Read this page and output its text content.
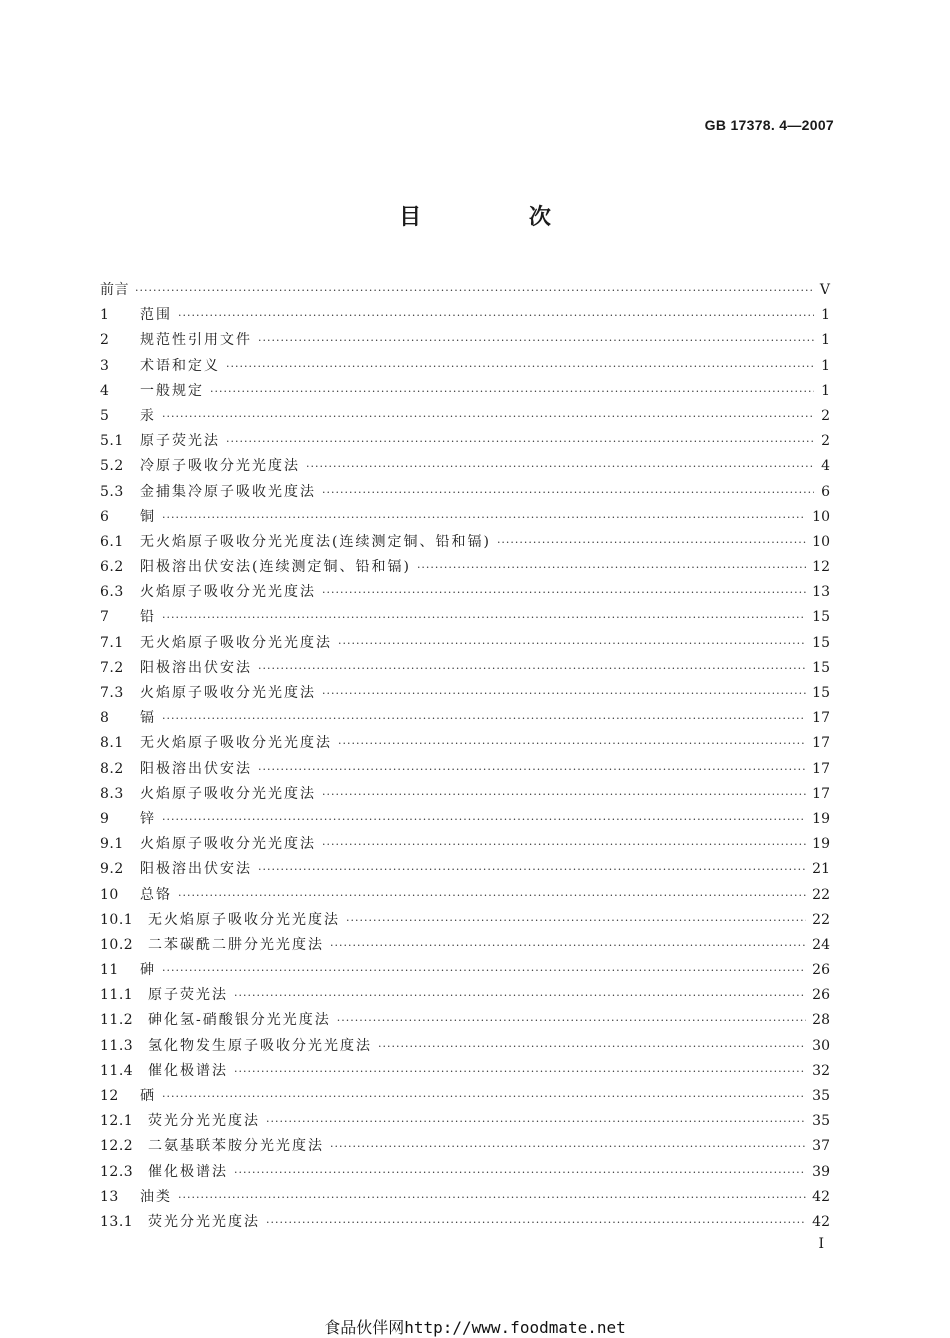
GB 17378. 4—2007
目 次
前言 ·····	V
1	范围 ·····	1
2	规范性引用文件 ·····	1
3	术语和定义 ·····	1
4	一般规定 ·····	1
5	汞 ·····	2
5.1	原子荧光法 ·····	2
5.2	冷原子吸收分光光度法 ·····	4
5.3	金捕集冷原子吸收光度法 ·····	6
6	铜 ·····	10
6.1	无火焰原子吸收分光光度法(连续测定铜、铅和镉) ·····	10
6.2	阳极溶出伏安法(连续测定铜、铅和镉) ·····	12
6.3	火焰原子吸收分光光度法 ·····	13
7	铅 ·····	15
7.1	无火焰原子吸收分光光度法 ·····	15
7.2	阳极溶出伏安法 ·····	15
7.3	火焰原子吸收分光光度法 ·····	15
8	镉 ·····	17
8.1	无火焰原子吸收分光光度法 ·····	17
8.2	阳极溶出伏安法 ·····	17
8.3	火焰原子吸收分光光度法 ·····	17
9	锌 ·····	19
9.1	火焰原子吸收分光光度法 ·····	19
9.2	阳极溶出伏安法 ·····	21
10	总铬 ·····	22
10.1	无火焰原子吸收分光光度法 ·····	22
10.2	二苯碳酰二肼分光光度法 ·····	24
11	砷 ·····	26
11.1	原子荧光法 ·····	26
11.2	砷化氢-硝酸银分光光度法 ·····	28
11.3	氢化物发生原子吸收分光光度法 ·····	30
11.4	催化极谱法 ·····	32
12	硒 ·····	35
12.1	荧光分光光度法 ·····	35
12.2	二氨基联苯胺分光光度法 ·····	37
12.3	催化极谱法 ·····	39
13	油类 ·····	42
13.1	荧光分光光度法 ·····	42
I
食品伙伴网http://www.foodmate.net
